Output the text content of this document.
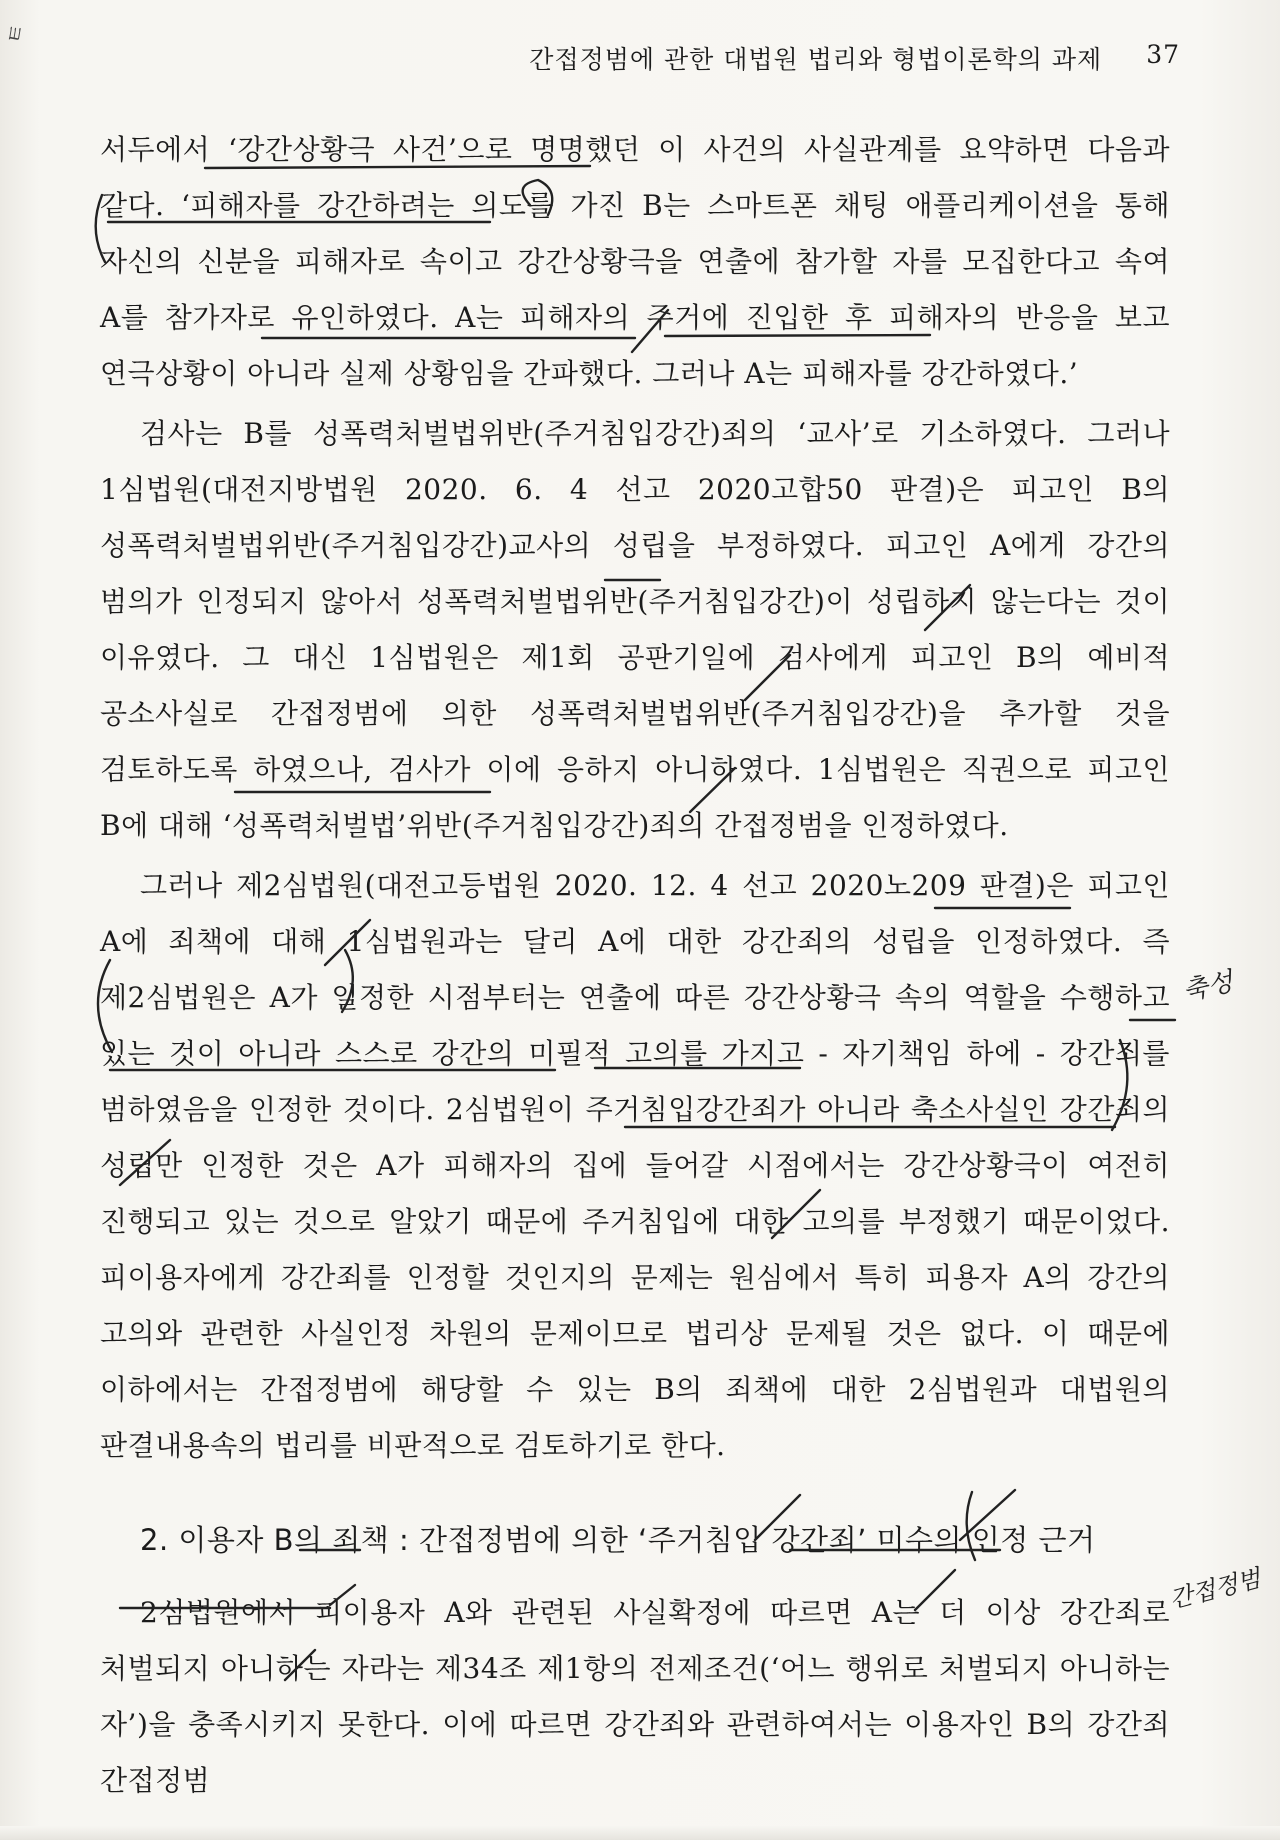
ㅌ
간접정범에 관한 대법원 법리와 형법이론학의 과제 37

서두에서 ‘강간상황극 사건’으로 명명했던 이 사건의 사실관계를 요약하면 다음과 같다. ‘피해자를 강간하려는 의도를 가진 B는 스마트폰 채팅 애플리케이션을 통해 자신의 신분을 피해자로 속이고 강간상황극을 연출에 참가할 자를 모집한다고 속여 A를 참가자로 유인하였다. A는 피해자의 주거에 진입한 후 피해자의 반응을 보고 연극상황이 아니라 실제 상황임을 간파했다. 그러나 A는 피해자를 강간하였다.’

검사는 B를 성폭력처벌법위반(주거침입강간)죄의 ‘교사’로 기소하였다. 그러나 1심법원(대전지방법원 2020. 6. 4 선고 2020고합50 판결)은 피고인 B의 성폭력처벌법위반(주거침입강간)교사의 성립을 부정하였다. 피고인 A에게 강간의 범의가 인정되지 않아서 성폭력처벌법위반(주거침입강간)이 성립하지 않는다는 것이 이유였다. 그 대신 1심법원은 제1회 공판기일에 검사에게 피고인 B의 예비적 공소사실로 간접정범에 의한 성폭력처벌법위반(주거침입강간)을 추가할 것을 검토하도록 하였으나, 검사가 이에 응하지 아니하였다. 1심법원은 직권으로 피고인 B에 대해 ‘성폭력처벌법’위반(주거침입강간)죄의 간접정범을 인정하였다.

그러나 제2심법원(대전고등법원 2020. 12. 4 선고 2020노209 판결)은 피고인 A에 죄책에 대해 1심법원과는 달리 A에 대한 강간죄의 성립을 인정하였다. 즉 제2심법원은 A가 일정한 시점부터는 연출에 따른 강간상황극 속의 역할을 수행하고 있는 것이 아니라 스스로 강간의 미필적 고의를 가지고 - 자기책임 하에 - 강간죄를 범하였음을 인정한 것이다. 2심법원이 주거침입강간죄가 아니라 축소사실인 강간죄의 성립만 인정한 것은 A가 피해자의 집에 들어갈 시점에서는 강간상황극이 여전히 진행되고 있는 것으로 알았기 때문에 주거침입에 대한 고의를 부정했기 때문이었다. 피이용자에게 강간죄를 인정할 것인지의 문제는 원심에서 특히 피용자 A의 강간의 고의와 관련한 사실인정 차원의 문제이므로 법리상 문제될 것은 없다. 이 때문에 이하에서는 간접정범에 해당할 수 있는 B의 죄책에 대한 2심법원과 대법원의 판결내용속의 법리를 비판적으로 검토하기로 한다.

2. 이용자 B의 죄책 : 간접정범에 의한 ‘주거침입 강간죄’ 미수의 인정 근거

2심법원에서 피이용자 A와 관련된 사실확정에 따르면 A는 더 이상 강간죄로 처벌되지 아니하는 자라는 제34조 제1항의 전제조건(‘어느 행위로 처벌되지 아니하는 자’)을 충족시키지 못한다. 이에 따르면 강간죄와 관련하여서는 이용자인 B의 강간죄 간접정범

축성
간접정범
